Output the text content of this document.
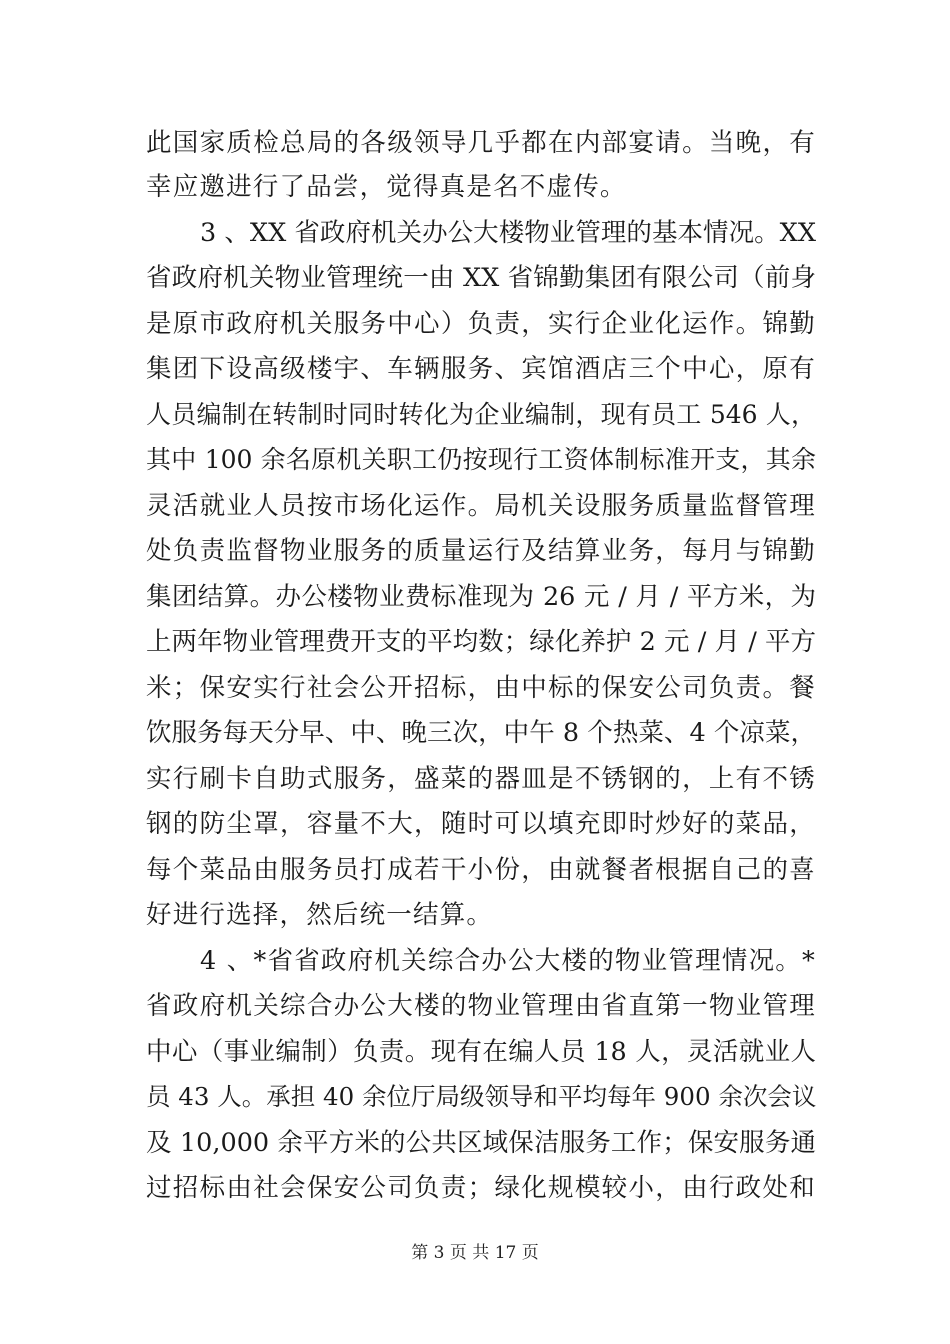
此国家质检总局的各级领导几乎都在内部宴请。当晚，有
幸应邀进行了品尝，觉得真是名不虚传。
3 、XX 省政府机关办公大楼物业管理的基本情况。XX
省政府机关物业管理统一由 XX 省锦勤集团有限公司（前身
是原市政府机关服务中心）负责，实行企业化运作。锦勤
集团下设高级楼宇、车辆服务、宾馆酒店三个中心，原有
人员编制在转制时同时转化为企业编制，现有员工 546 人，
其中 100 余名原机关职工仍按现行工资体制标准开支，其余
灵活就业人员按市场化运作。局机关设服务质量监督管理
处负责监督物业服务的质量运行及结算业务，每月与锦勤
集团结算。办公楼物业费标准现为 26 元 / 月 / 平方米，为
上两年物业管理费开支的平均数；绿化养护 2 元 / 月 / 平方
米；保安实行社会公开招标，由中标的保安公司负责。餐
饮服务每天分早、中、晚三次，中午 8 个热菜、4 个凉菜，
实行刷卡自助式服务，盛菜的器皿是不锈钢的，上有不锈
钢的防尘罩，容量不大，随时可以填充即时炒好的菜品，
每个菜品由服务员打成若干小份，由就餐者根据自己的喜
好进行选择，然后统一结算。
4 、*省省政府机关综合办公大楼的物业管理情况。*
省政府机关综合办公大楼的物业管理由省直第一物业管理
中心（事业编制）负责。现有在编人员 18 人，灵活就业人
员 43 人。承担 40 余位厅局级领导和平均每年 900 余次会议
及 10,000 余平方米的公共区域保洁服务工作；保安服务通
过招标由社会保安公司负责；绿化规模较小，由行政处和
第 3 页 共 17 页
